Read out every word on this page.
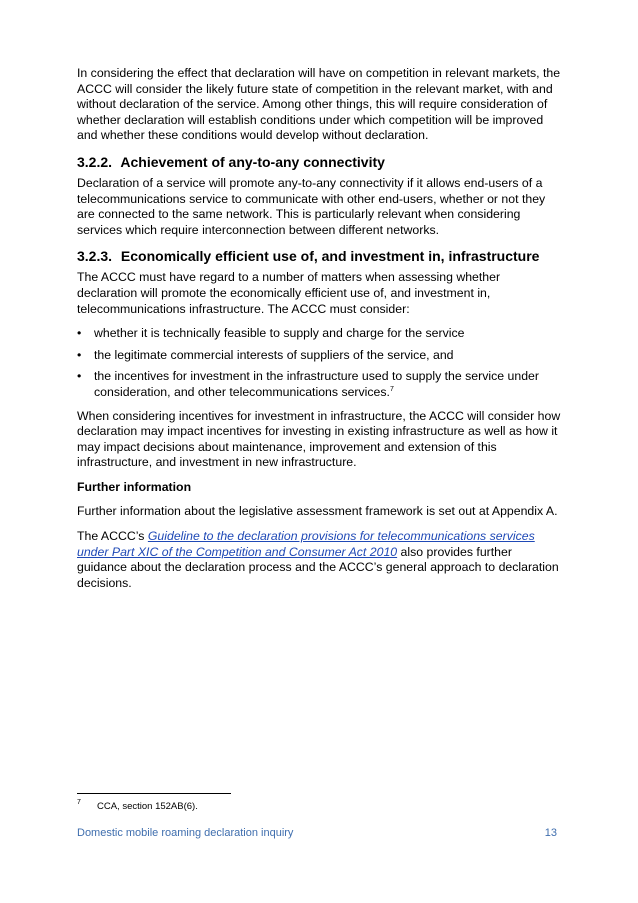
In considering the effect that declaration will have on competition in relevant markets, the ACCC will consider the likely future state of competition in the relevant market, with and without declaration of the service. Among other things, this will require consideration of whether declaration will establish conditions under which competition will be improved and whether these conditions would develop without declaration.

3.2.2. Achievement of any-to-any connectivity

Declaration of a service will promote any-to-any connectivity if it allows end-users of a telecommunications service to communicate with other end-users, whether or not they are connected to the same network. This is particularly relevant when considering services which require interconnection between different networks.

3.2.3. Economically efficient use of, and investment in, infrastructure

The ACCC must have regard to a number of matters when assessing whether declaration will promote the economically efficient use of, and investment in, telecommunications infrastructure. The ACCC must consider:

• whether it is technically feasible to supply and charge for the service
• the legitimate commercial interests of suppliers of the service, and
• the incentives for investment in the infrastructure used to supply the service under consideration, and other telecommunications services.$^7$

When considering incentives for investment in infrastructure, the ACCC will consider how declaration may impact incentives for investing in existing infrastructure as well as how it may impact decisions about maintenance, improvement and extension of this infrastructure, and investment in new infrastructure.

Further information

Further information about the legislative assessment framework is set out at Appendix A.

The ACCC’s Guideline to the declaration provisions for telecommunications services under Part XIC of the Competition and Consumer Act 2010 also provides further guidance about the declaration process and the ACCC’s general approach to declaration decisions.

7 CCA, section 152AB(6).
Domestic mobile roaming declaration inquiry	13
